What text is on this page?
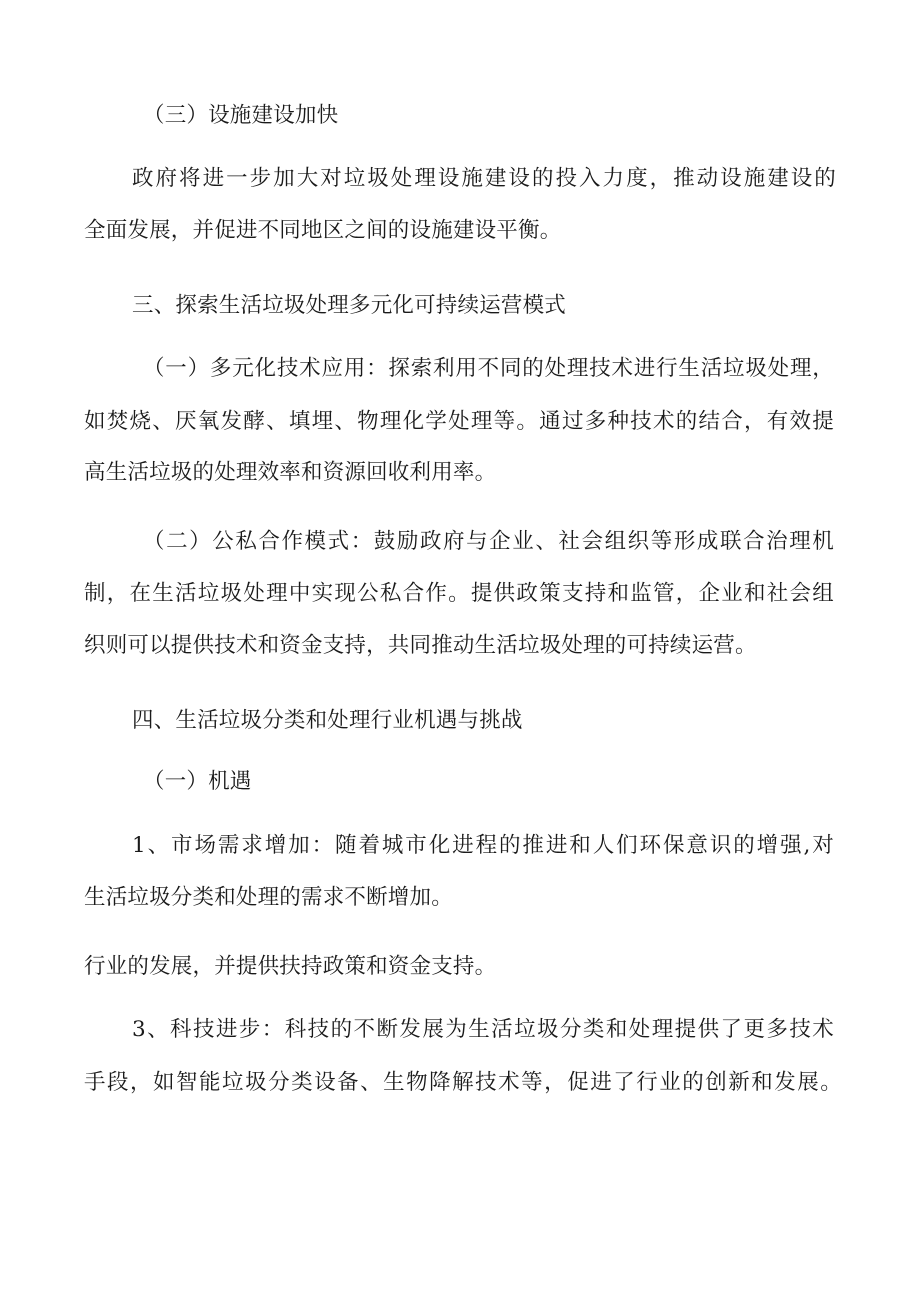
（三）设施建设加快
政府将进一步加大对垃圾处理设施建设的投入力度，推动设施建设的
全面发展，并促进不同地区之间的设施建设平衡。
三、探索生活垃圾处理多元化可持续运营模式
（一）多元化技术应用：探索利用不同的处理技术进行生活垃圾处理，
如焚烧、厌氧发酵、填埋、物理化学处理等。通过多种技术的结合，有效提
高生活垃圾的处理效率和资源回收利用率。
（二）公私合作模式：鼓励政府与企业、社会组织等形成联合治理机
制，在生活垃圾处理中实现公私合作。提供政策支持和监管，企业和社会组
织则可以提供技术和资金支持，共同推动生活垃圾处理的可持续运营。
四、生活垃圾分类和处理行业机遇与挑战
（一）机遇
1、市场需求增加：随着城市化进程的推进和人们环保意识的增强,对
生活垃圾分类和处理的需求不断增加。
行业的发展，并提供扶持政策和资金支持。
3、科技进步：科技的不断发展为生活垃圾分类和处理提供了更多技术
手段，如智能垃圾分类设备、生物降解技术等，促进了行业的创新和发展。
